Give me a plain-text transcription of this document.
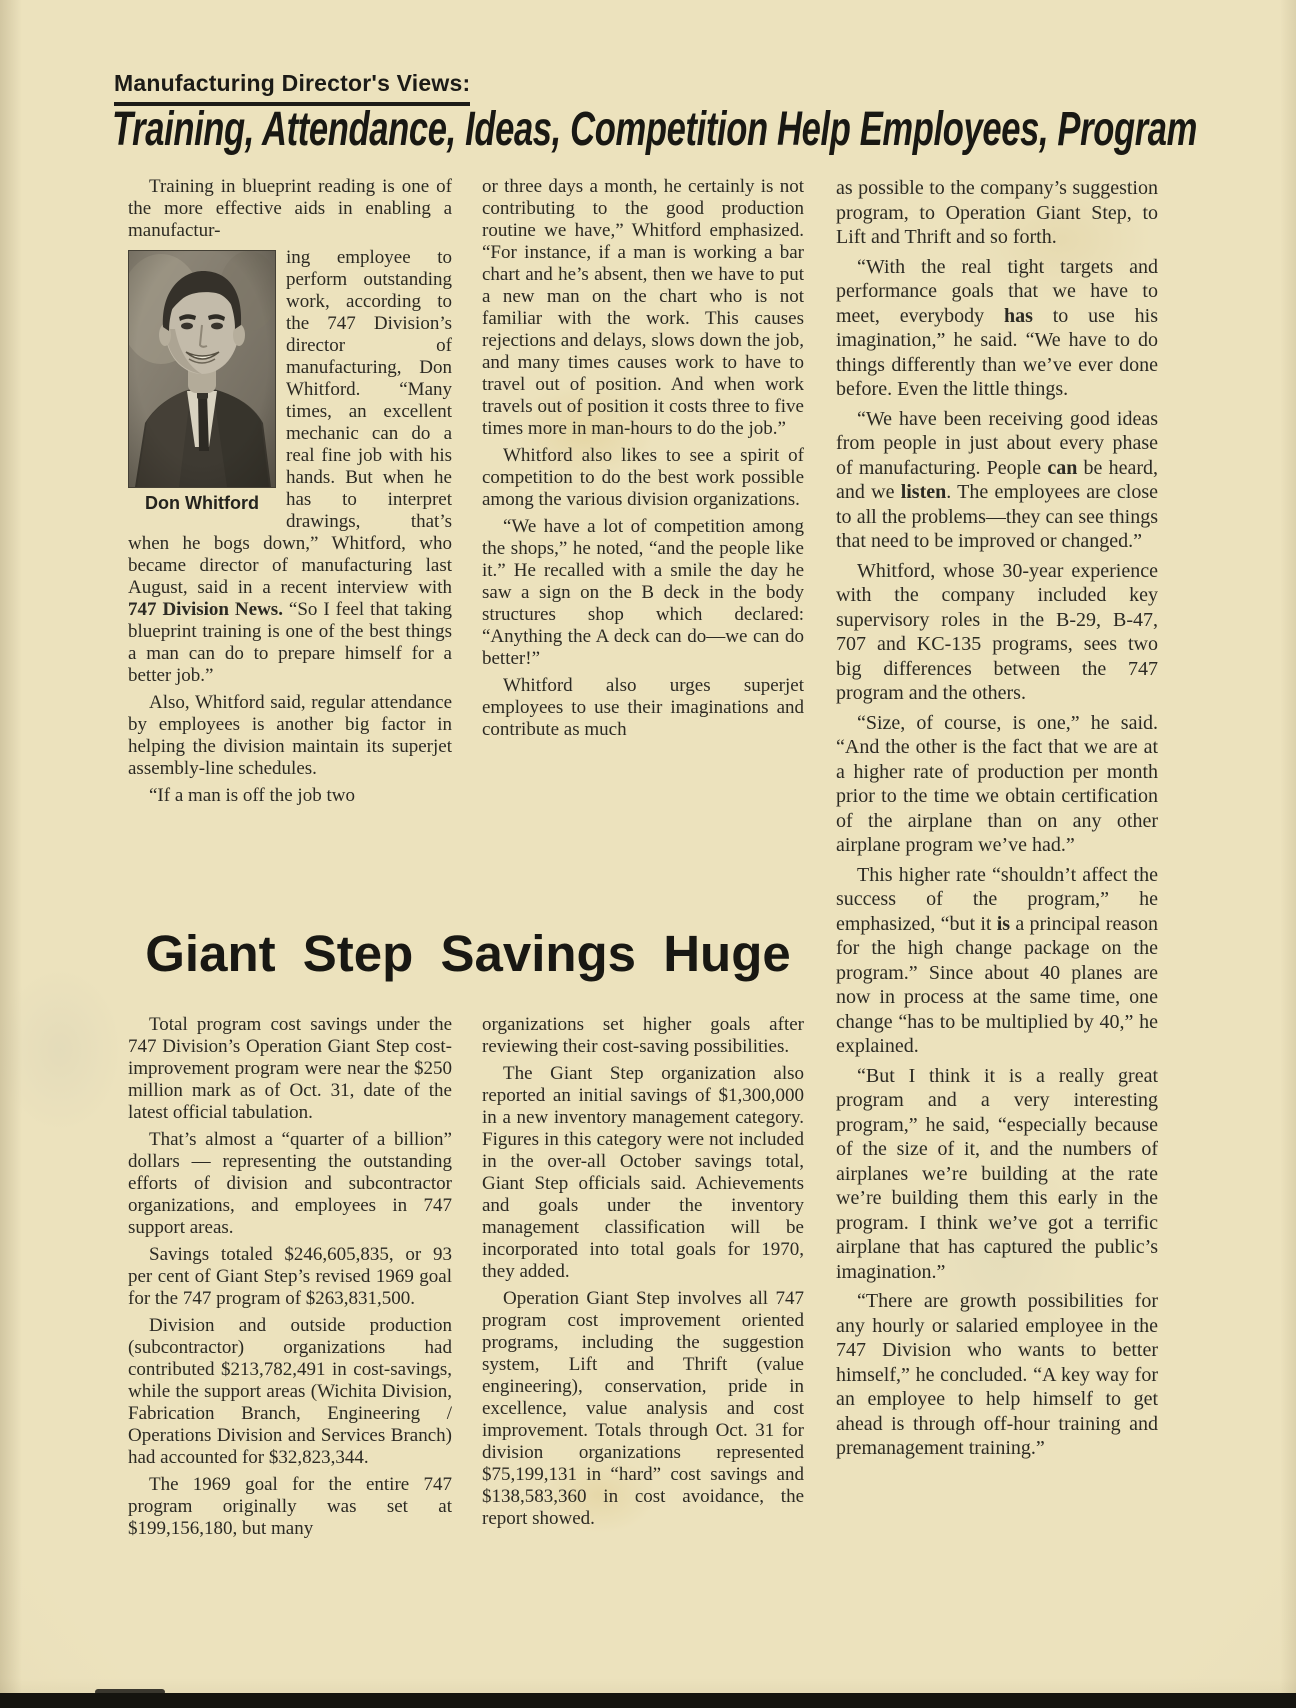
Manufacturing Director's Views:
Training, Attendance, Ideas, Competition Help Employees, Program

Training in blueprint reading is one of the more effective aids in enabling a manufactur-

Don Whitford

ing employee to perform outstanding work, according to the 747 Division’s director of manufacturing, Don Whitford. “Many times, an excellent mechanic can do a real fine job with his hands. But when he has to interpret drawings, that’s when he bogs down,” Whitford, who became director of manufacturing last August, said in a recent interview with 747 Division News. “So I feel that taking blueprint training is one of the best things a man can do to prepare himself for a better job.”

Also, Whitford said, regular attendance by employees is another big factor in helping the division maintain its superjet assembly-line schedules.

“If a man is off the job two

or three days a month, he certainly is not contributing to the good production routine we have,” Whitford emphasized. “For instance, if a man is working a bar chart and he’s absent, then we have to put a new man on the chart who is not familiar with the work. This causes rejections and delays, slows down the job, and many times causes work to have to travel out of position. And when work travels out of position it costs three to five times more in man-hours to do the job.”

Whitford also likes to see a spirit of competition to do the best work possible among the various division organizations.

“We have a lot of competition among the shops,” he noted, “and the people like it.” He recalled with a smile the day he saw a sign on the B deck in the body structures shop which declared: “Anything the A deck can do—we can do better!”

Whitford also urges superjet employees to use their imaginations and contribute as much

as possible to the company’s suggestion program, to Operation Giant Step, to Lift and Thrift and so forth.

“With the real tight targets and performance goals that we have to meet, everybody has to use his imagination,” he said. “We have to do things differently than we’ve ever done before. Even the little things.

“We have been receiving good ideas from people in just about every phase of manufacturing. People can be heard, and we listen. The employees are close to all the problems—they can see things that need to be improved or changed.”

Whitford, whose 30-year experience with the company included key supervisory roles in the B-29, B-47, 707 and KC-135 programs, sees two big differences between the 747 program and the others.

“Size, of course, is one,” he said. “And the other is the fact that we are at a higher rate of production per month prior to the time we obtain certification of the airplane than on any other airplane program we’ve had.”

This higher rate “shouldn’t affect the success of the program,” he emphasized, “but it is a principal reason for the high change package on the program.” Since about 40 planes are now in process at the same time, one change “has to be multiplied by 40,” he explained.

“But I think it is a really great program and a very interesting program,” he said, “especially because of the size of it, and the numbers of airplanes we’re building at the rate we’re building them this early in the program. I think we’ve got a terrific airplane that has captured the public’s imagination.”

“There are growth possibilities for any hourly or salaried employee in the 747 Division who wants to better himself,” he concluded. “A key way for an employee to help himself to get ahead is through off-hour training and premanagement training.”

Giant Step Savings Huge

Total program cost savings under the 747 Division’s Operation Giant Step cost-improvement program were near the $250 million mark as of Oct. 31, date of the latest official tabulation.

That’s almost a “quarter of a billion” dollars — representing the outstanding efforts of division and subcontractor organizations, and employees in 747 support areas.

Savings totaled $246,605,835, or 93 per cent of Giant Step’s revised 1969 goal for the 747 program of $263,831,500.

Division and outside production (subcontractor) organizations had contributed $213,782,491 in cost-savings, while the support areas (Wichita Division, Fabrication Branch, Engineering / Operations Division and Services Branch) had accounted for $32,823,344.

The 1969 goal for the entire 747 program originally was set at $199,156,180, but many

organizations set higher goals after reviewing their cost-saving possibilities.

The Giant Step organization also reported an initial savings of $1,300,000 in a new inventory management category. Figures in this category were not included in the over-all October savings total, Giant Step officials said. Achievements and goals under the inventory management classification will be incorporated into total goals for 1970, they added.

Operation Giant Step involves all 747 program cost improvement oriented programs, including the suggestion system, Lift and Thrift (value engineering), conservation, pride in excellence, value analysis and cost improvement. Totals through Oct. 31 for division organizations represented $75,199,131 in “hard” cost savings and $138,583,360 in cost avoidance, the report showed.
